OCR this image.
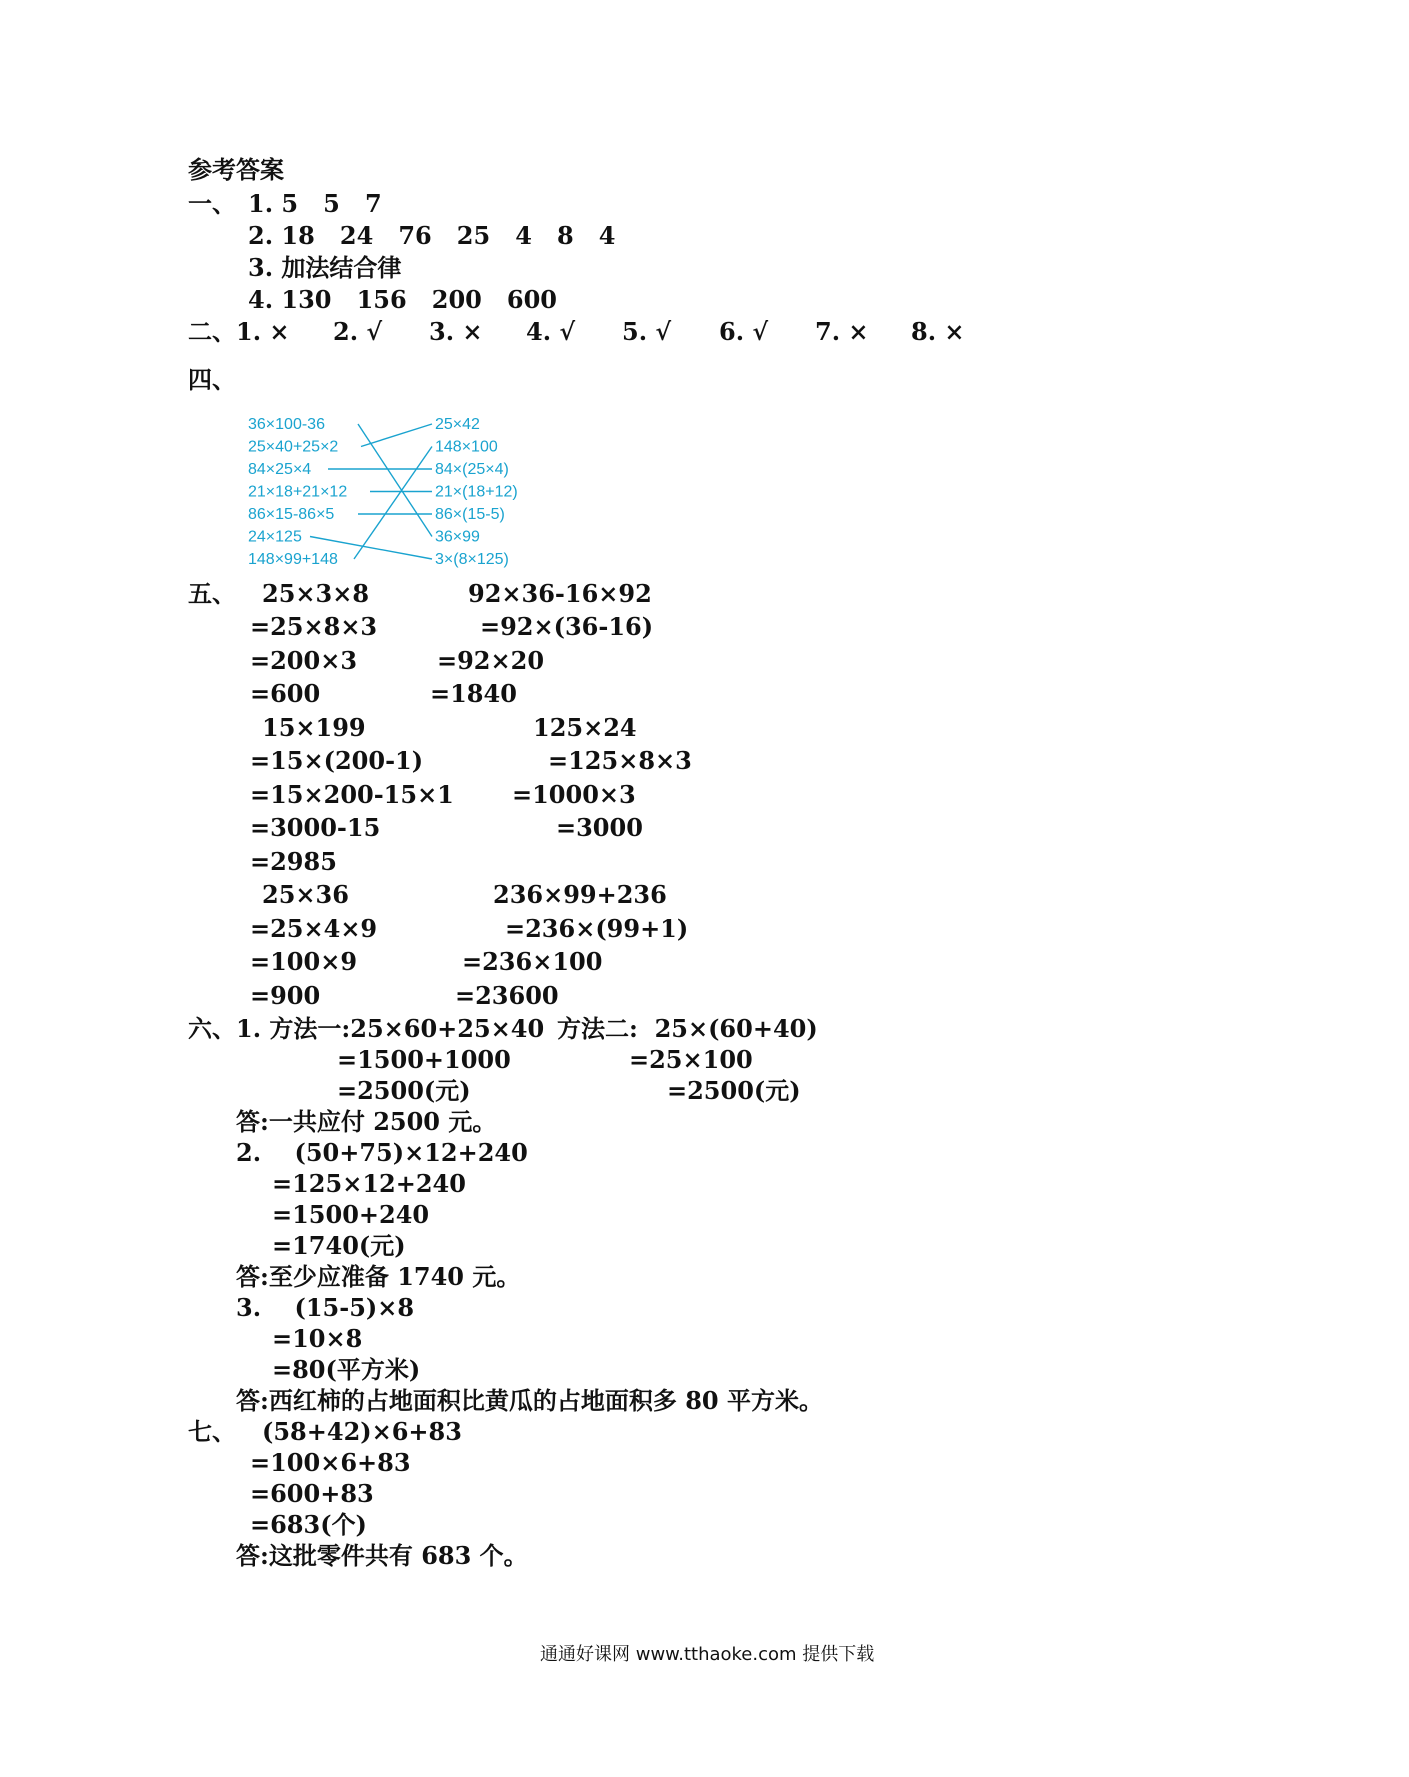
参考答案
一、 1. 5   5   7
2. 18   24   76   25   4   8   4
3. 加法结合律
4. 130   156   200   600
二、 1. × 2. √ 3. × 4. √ 5. √ 6. √ 7. × 8. ×
四、
36×100-36
25×40+25×2
84×25×4
21×18+21×12
86×15-86×5
24×125
148×99+148
25×42
148×100
84×(25×4)
21×(18+12)
86×(15-5)
36×99
3×(8×125)
五、 25×3×8
=25×8×3
=200×3
=600
92×36-16×92
=92×(36-16)
=92×20
=1840
15×199
=15×(200-1)
=15×200-15×1
=3000-15
=2985
125×24
=125×8×3
=1000×3
=3000
25×36
=25×4×9
=100×9
=900
236×99+236
=236×(99+1)
=236×100
=23600
六、 1. 方法一:25×60+25×40 方法二:  25×(60+40)
=1500+1000
=2500(元)
=25×100
=2500(元)
答:一共应付 2500 元。
2.    (50+75)×12+240
=125×12+240
=1500+240
=1740(元)
答:至少应准备 1740 元。
3.    (15-5)×8
=10×8
=80(平方米)
答:西红柿的占地面积比黄瓜的占地面积多 80 平方米。
七、 (58+42)×6+83
=100×6+83
=600+83
=683(个)
答:这批零件共有 683 个。
通通好课网 www.tthaoke.com 提供下载
